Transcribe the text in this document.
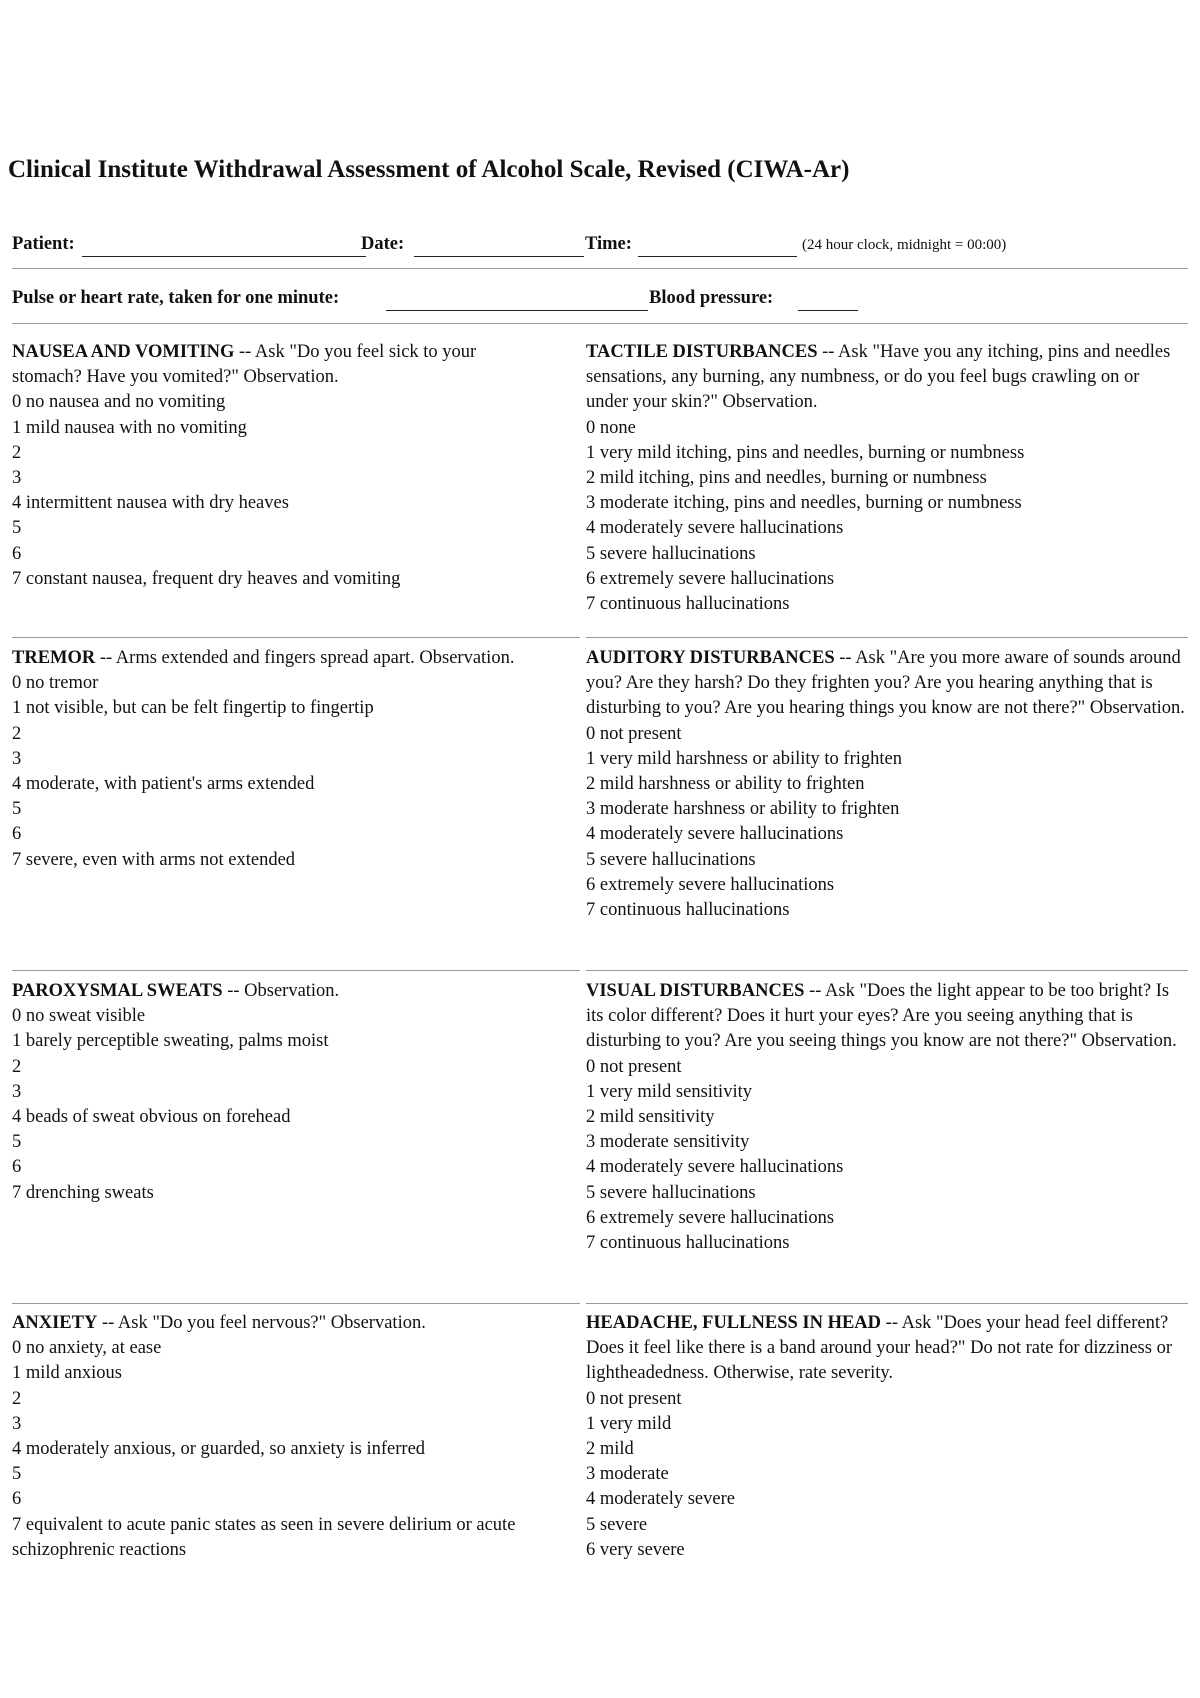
Clinical Institute Withdrawal Assessment of Alcohol Scale, Revised (CIWA-Ar)
Patient:	Date:	Time:	(24 hour clock, midnight = 00:00)
Pulse or heart rate, taken for one minute:	Blood pressure:
NAUSEA AND VOMITING -- Ask "Do you feel sick to your stomach? Have you vomited?" Observation.
0 no nausea and no vomiting
1 mild nausea with no vomiting
2
3
4 intermittent nausea with dry heaves
5
6
7 constant nausea, frequent dry heaves and vomiting
TACTILE DISTURBANCES -- Ask "Have you any itching, pins and needles sensations, any burning, any numbness, or do you feel bugs crawling on or under your skin?" Observation.
0 none
1 very mild itching, pins and needles, burning or numbness
2 mild itching, pins and needles, burning or numbness
3 moderate itching, pins and needles, burning or numbness
4 moderately severe hallucinations
5 severe hallucinations
6 extremely severe hallucinations
7 continuous hallucinations
TREMOR -- Arms extended and fingers spread apart. Observation.
0 no tremor
1 not visible, but can be felt fingertip to fingertip
2
3
4 moderate, with patient's arms extended
5
6
7 severe, even with arms not extended
AUDITORY DISTURBANCES -- Ask "Are you more aware of sounds around you? Are they harsh? Do they frighten you? Are you hearing anything that is disturbing to you? Are you hearing things you know are not there?" Observation.
0 not present
1 very mild harshness or ability to frighten
2 mild harshness or ability to frighten
3 moderate harshness or ability to frighten
4 moderately severe hallucinations
5 severe hallucinations
6 extremely severe hallucinations
7 continuous hallucinations
PAROXYSMAL SWEATS -- Observation.
0 no sweat visible
1 barely perceptible sweating, palms moist
2
3
4 beads of sweat obvious on forehead
5
6
7 drenching sweats
VISUAL DISTURBANCES -- Ask "Does the light appear to be too bright? Is its color different? Does it hurt your eyes? Are you seeing anything that is disturbing to you? Are you seeing things you know are not there?" Observation.
0 not present
1 very mild sensitivity
2 mild sensitivity
3 moderate sensitivity
4 moderately severe hallucinations
5 severe hallucinations
6 extremely severe hallucinations
7 continuous hallucinations
ANXIETY -- Ask "Do you feel nervous?" Observation.
0 no anxiety, at ease
1 mild anxious
2
3
4 moderately anxious, or guarded, so anxiety is inferred
5
6
7 equivalent to acute panic states as seen in severe delirium or acute schizophrenic reactions
HEADACHE, FULLNESS IN HEAD -- Ask "Does your head feel different? Does it feel like there is a band around your head?" Do not rate for dizziness or lightheadedness. Otherwise, rate severity.
0 not present
1 very mild
2 mild
3 moderate
4 moderately severe
5 severe
6 very severe
